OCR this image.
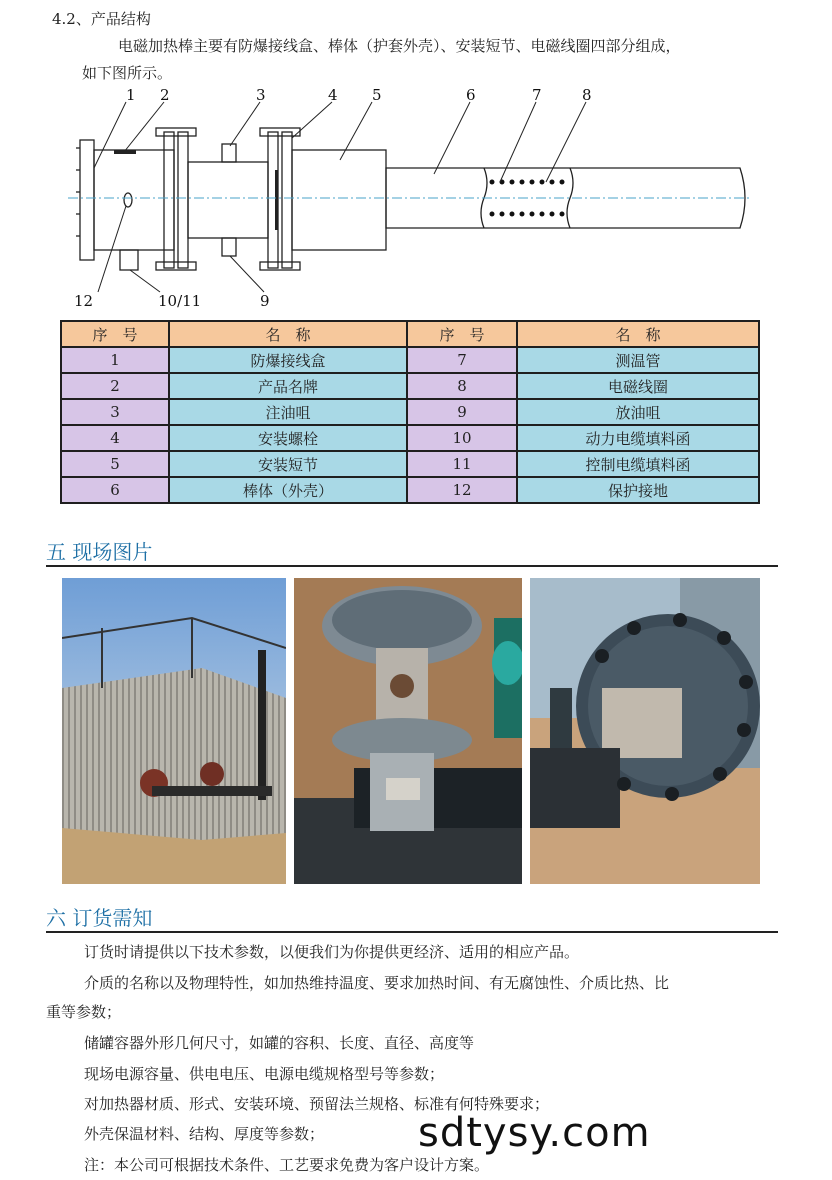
4.2、产品结构
电磁加热棒主要有防爆接线盒、棒体（护套外壳）、安装短节、电磁线圈四部分组成，
如下图所示。
1 2	3	4 5	6	7	8
12	10/11	9
序　号	名　称	序　号	名　称
1	防爆接线盒	7	测温管
2	产品名牌	8	电磁线圈
3	注油咀	9	放油咀
4	安装螺栓	10	动力电缆填料函
5	安装短节	11	控制电缆填料函
6	棒体（外壳）	12	保护接地
五 现场图片
六 订货需知
订货时请提供以下技术参数，以便我们为你提供更经济、适用的相应产品。
介质的名称以及物理特性，如加热维持温度、要求加热时间、有无腐蚀性、介质比热、比
重等参数；
储罐容器外形几何尺寸，如罐的容积、长度、直径、高度等
现场电源容量、供电电压、电源电缆规格型号等参数；
对加热器材质、形式、安装环境、预留法兰规格、标准有何特殊要求；
外壳保温材料、结构、厚度等参数；
注：本公司可根据技术条件、工艺要求免费为客户设计方案。
sdtysy.com
